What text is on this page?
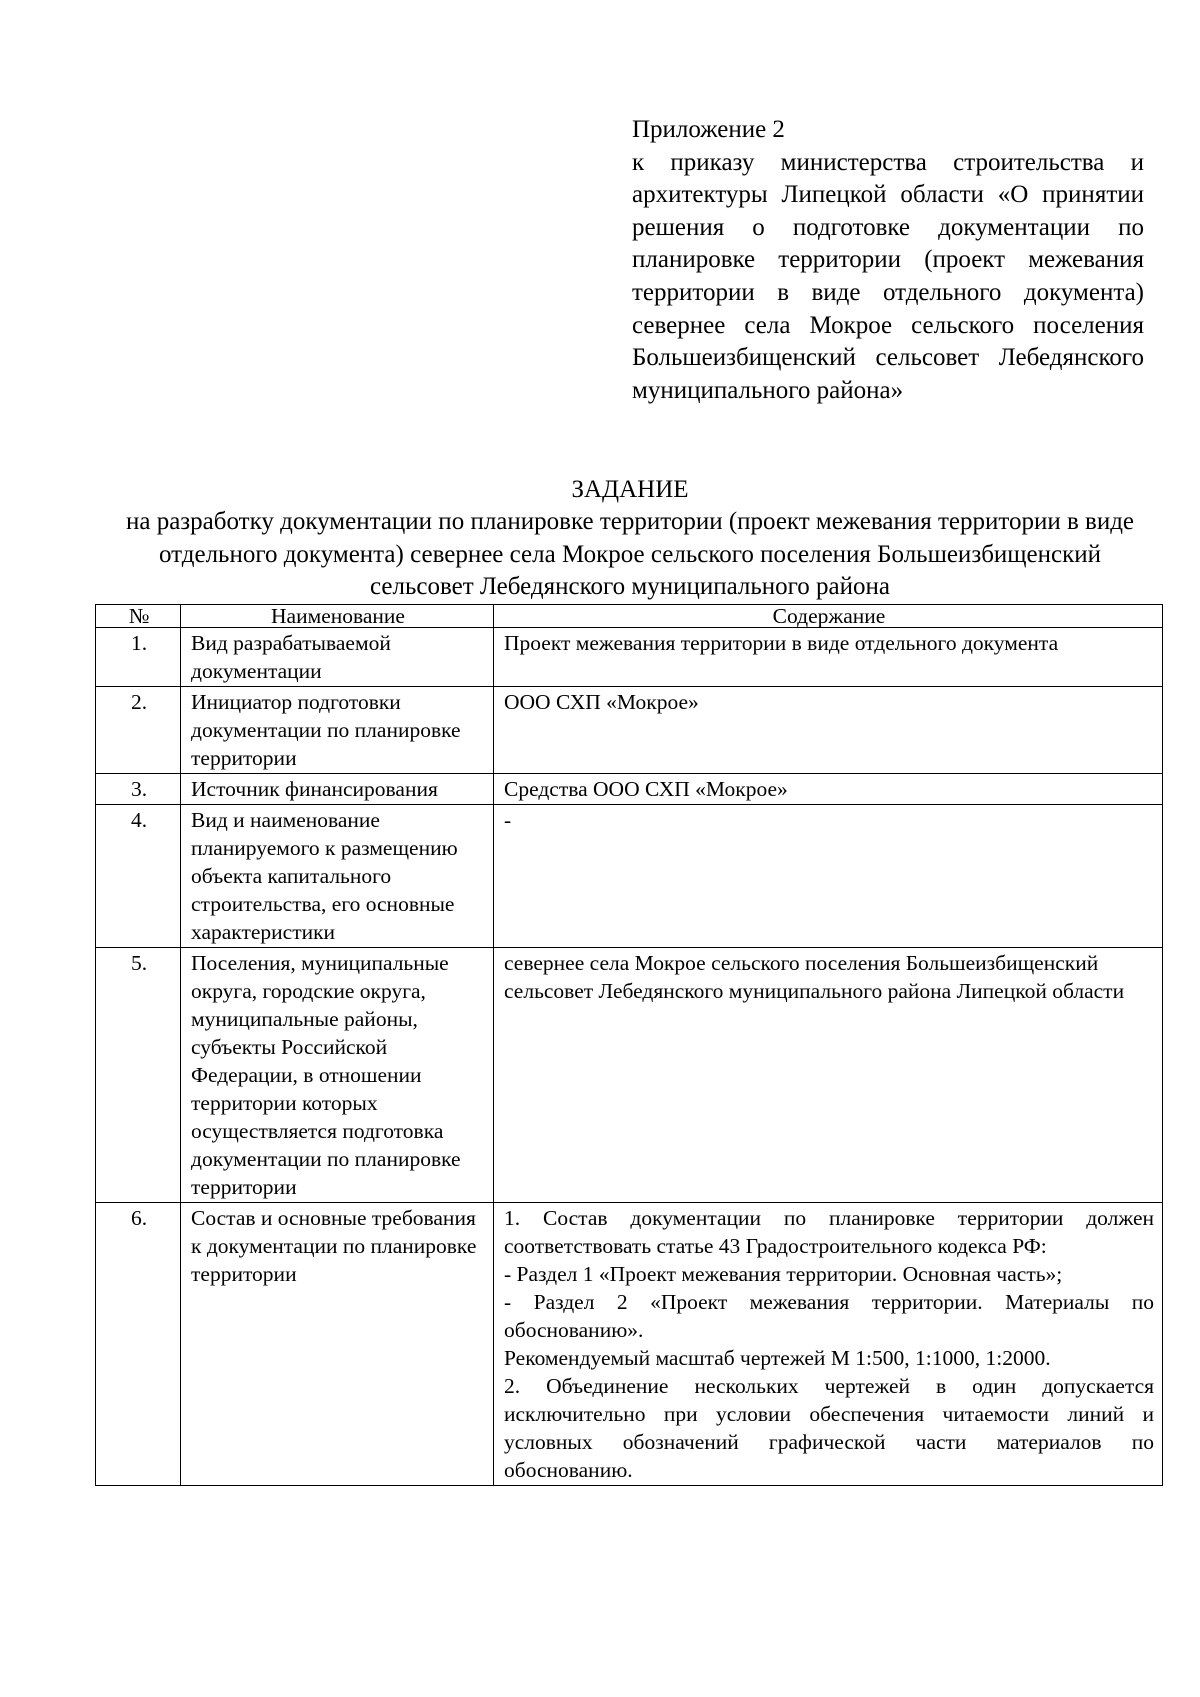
Приложение 2
к приказу министерства строительства и архитектуры Липецкой области «О принятии решения о подготовке документации по планировке территории (проект межевания территории в виде отдельного документа) севернее села Мокрое сельского поселения Большеизбищенский сельсовет Лебедянского муниципального района»
ЗАДАНИЕ
на разработку документации по планировке территории (проект межевания территории в виде отдельного документа) севернее села Мокрое сельского поселения Большеизбищенский сельсовет Лебедянского муниципального района
№	Наименование	Содержание
1.	Вид разрабатываемой документации	Проект межевания территории в виде отдельного документа

2.	Инициатор подготовки документации по планировке территории	ООО СХП «Мокрое»

3.	Источник финансирования	Средства ООО СХП «Мокрое»

4.	Вид и наименование планируемого к размещению объекта капитального строительства, его основные характеристики	-

5.	Поселения, муниципальные округа, городские округа, муниципальные районы, субъекты Российской Федерации, в отношении территории которых осуществляется подготовка документации по планировке территории	севернее села Мокрое сельского поселения Большеизбищенский сельсовет Лебедянского муниципального района Липецкой области

6.	Состав и основные требования к документации по планировке территории	1. Состав документации по планировке территории должен соответствовать статье 43 Градостроительного кодекса РФ:

- Раздел 1 «Проект межевания территории. Основная часть»;

- Раздел 2 «Проект межевания территории. Материалы по обоснованию».

Рекомендуемый масштаб чертежей М 1:500, 1:1000, 1:2000.

2. Объединение нескольких чертежей в один допускается исключительно при условии обеспечения читаемости линий и условных обозначений графической части материалов по обоснованию.
